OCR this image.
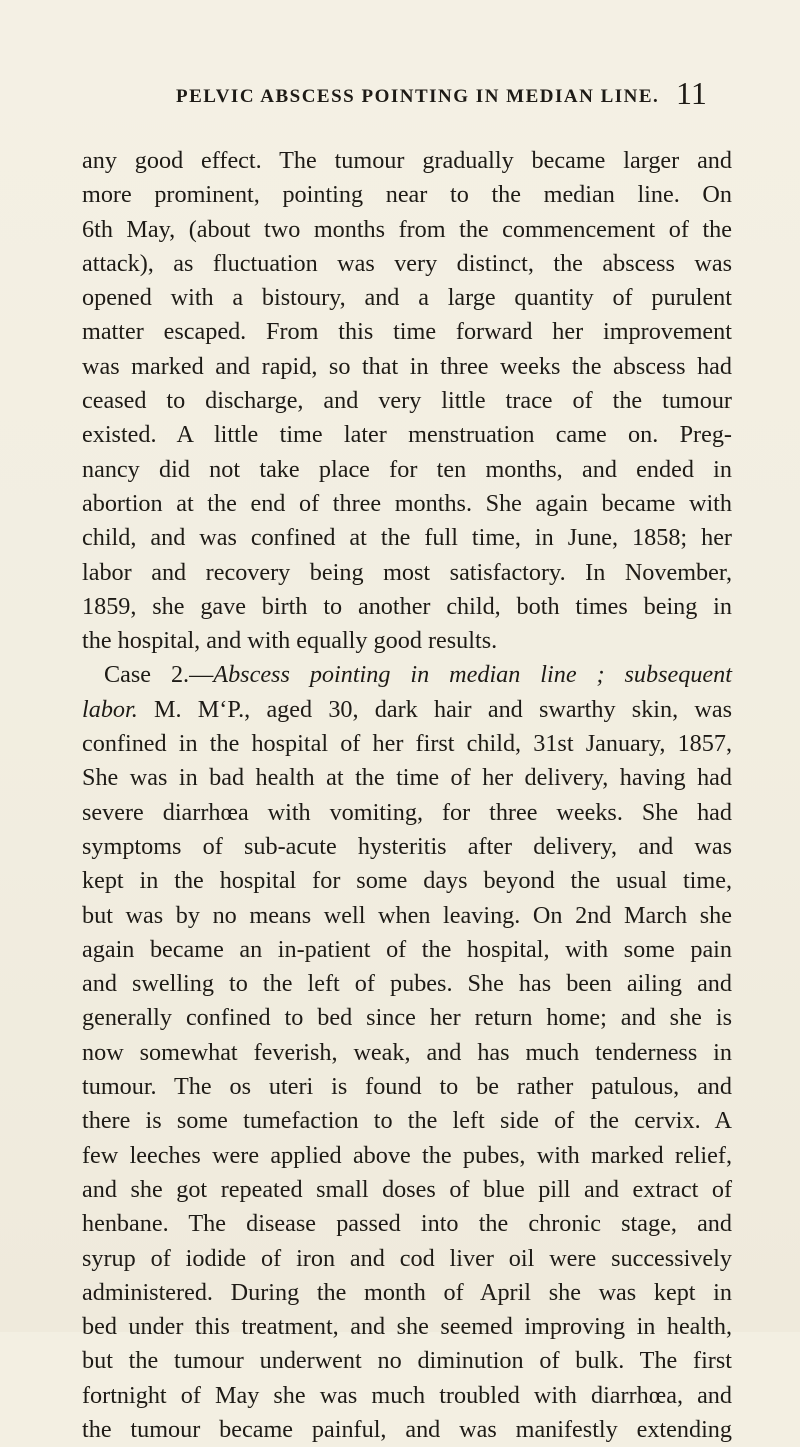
PELVIC ABSCESS POINTING IN MEDIAN LINE. 11
any good effect. The tumour gradually became larger and
more prominent, pointing near to the median line. On
6th May, (about two months from the commencement of the
attack), as fluctuation was very distinct, the abscess was
opened with a bistoury, and a large quantity of purulent
matter escaped. From this time forward her improvement
was marked and rapid, so that in three weeks the abscess had
ceased to discharge, and very little trace of the tumour
existed. A little time later menstruation came on. Preg-
nancy did not take place for ten months, and ended in
abortion at the end of three months. She again became with
child, and was confined at the full time, in June, 1858; her
labor and recovery being most satisfactory. In November,
1859, she gave birth to another child, both times being in
the hospital, and with equally good results.
Case 2.—Abscess pointing in median line ; subsequent
labor. M. M‘P., aged 30, dark hair and swarthy skin, was
confined in the hospital of her first child, 31st January, 1857,
She was in bad health at the time of her delivery, having had
severe diarrhœa with vomiting, for three weeks. She had
symptoms of sub-acute hysteritis after delivery, and was
kept in the hospital for some days beyond the usual time,
but was by no means well when leaving. On 2nd March she
again became an in-patient of the hospital, with some pain
and swelling to the left of pubes. She has been ailing and
generally confined to bed since her return home; and she is
now somewhat feverish, weak, and has much tenderness in
tumour. The os uteri is found to be rather patulous, and
there is some tumefaction to the left side of the cervix. A
few leeches were applied above the pubes, with marked relief,
and she got repeated small doses of blue pill and extract of
henbane. The disease passed into the chronic stage, and
syrup of iodide of iron and cod liver oil were successively
administered. During the month of April she was kept in
bed under this treatment, and she seemed improving in health,
but the tumour underwent no diminution of bulk. The first
fortnight of May she was much troubled with diarrhœa, and
the tumour became painful, and was manifestly extending
